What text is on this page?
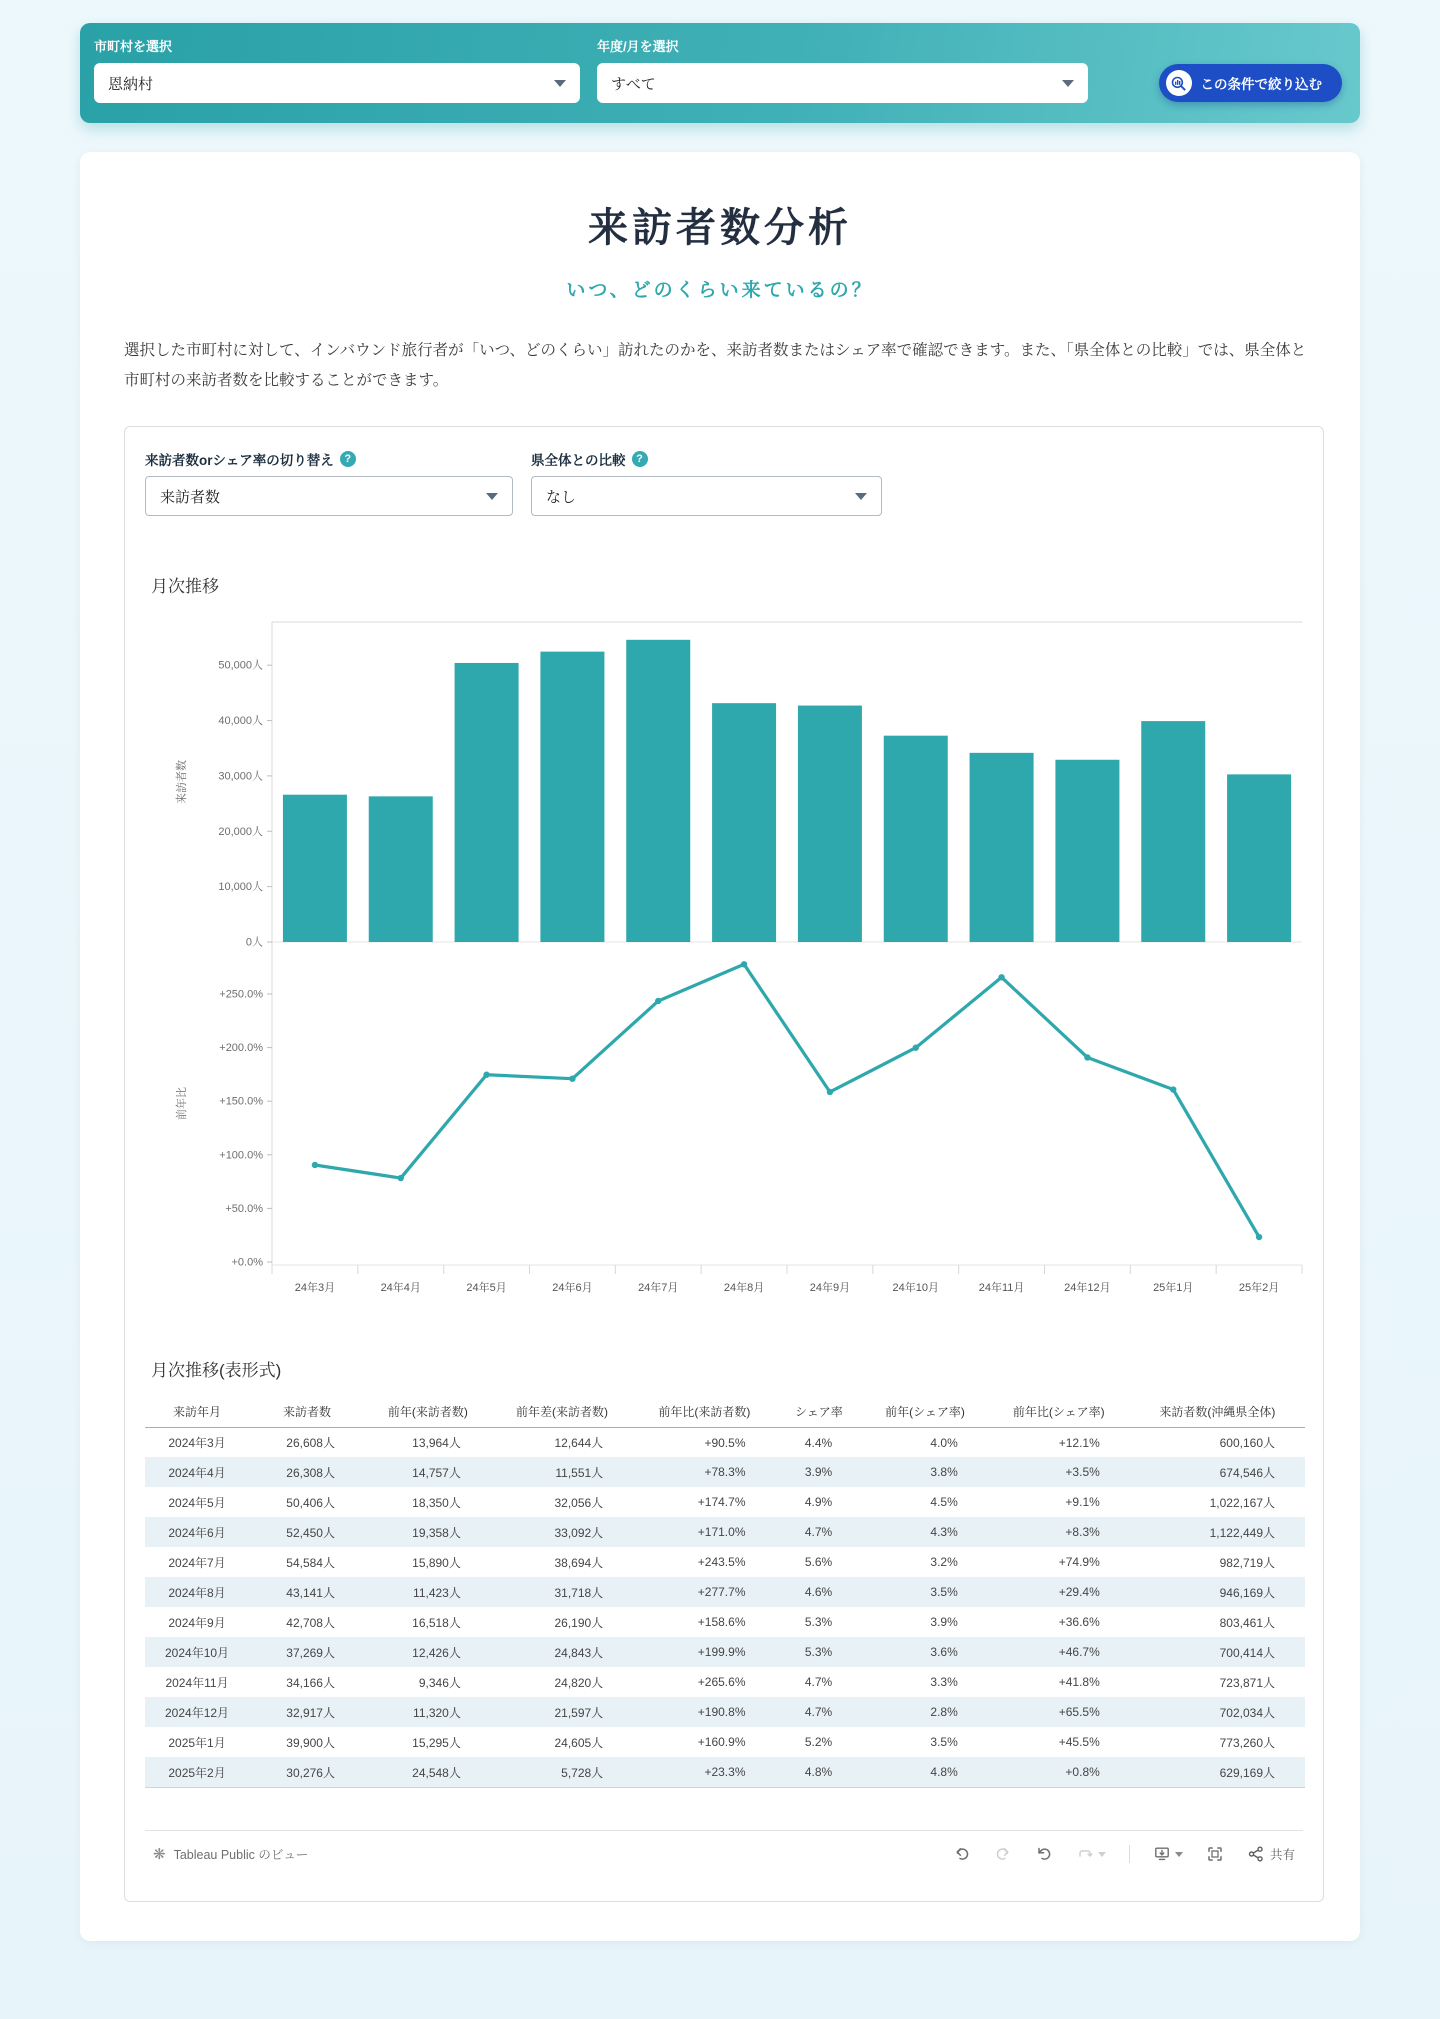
市町村を選択
恩納村
年度/月を選択
すべて	この条件で絞り込む
来訪者数分析
いつ、どのくらい来ているの？

選択した市町村に対して、インバウンド旅行者が「いつ、どのくらい」訪れたのかを、来訪者数またはシェア率で確認できます。また、「県全体との比較」では、県全体と市町村の来訪者数を比較することができます。

来訪者数orシェア率の切り替え ?
来訪者数
県全体との比較 ?
なし
月次推移
0人
10,000人
20,000人
30,000人
40,000人
50,000人
+0.0%
+50.0%
+100.0%
+150.0%
+200.0%
+250.0%
来訪者数
前年比
24年3月	24年4月	24年5月	24年6月	24年7月	24年8月	24年9月	24年10月	24年11月	24年12月	25年1月	25年2月
月次推移(表形式)
来訪年月	来訪者数	前年(来訪者数)	前年差(来訪者数)	前年比(来訪者数)	シェア率	前年(シェア率)	前年比(シェア率)	来訪者数(沖縄県全体)
2024年3月	26,608人	13,964人	12,644人	+90.5%	4.4%	4.0%	+12.1%	600,160人
2024年4月	26,308人	14,757人	11,551人	+78.3%	3.9%	3.8%	+3.5%	674,546人
2024年5月	50,406人	18,350人	32,056人	+174.7%	4.9%	4.5%	+9.1%	1,022,167人
2024年6月	52,450人	19,358人	33,092人	+171.0%	4.7%	4.3%	+8.3%	1,122,449人
2024年7月	54,584人	15,890人	38,694人	+243.5%	5.6%	3.2%	+74.9%	982,719人
2024年8月	43,141人	11,423人	31,718人	+277.7%	4.6%	3.5%	+29.4%	946,169人
2024年9月	42,708人	16,518人	26,190人	+158.6%	5.3%	3.9%	+36.6%	803,461人
2024年10月	37,269人	12,426人	24,843人	+199.9%	5.3%	3.6%	+46.7%	700,414人
2024年11月	34,166人	9,346人	24,820人	+265.6%	4.7%	3.3%	+41.8%	723,871人
2024年12月	32,917人	11,320人	21,597人	+190.8%	4.7%	2.8%	+65.5%	702,034人
2025年1月	39,900人	15,295人	24,605人	+160.9%	5.2%	3.5%	+45.5%	773,260人
2025年2月	30,276人	24,548人	5,728人	+23.3%	4.8%	4.8%	+0.8%	629,169人
❋ Tableau Public のビュー	共有
